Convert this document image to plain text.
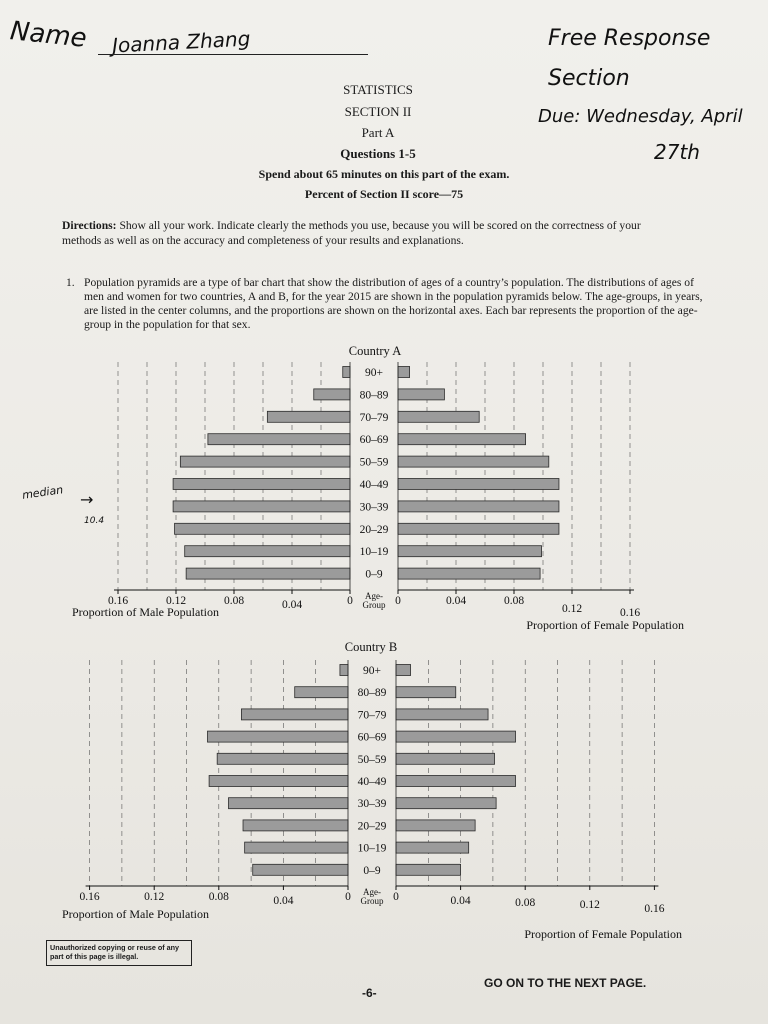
Name Joanna Zhang	Free Response
Section
Due: Wednesday, April
27th
STATISTICS
SECTION II
Part A
Questions 1-5
Spend about 65 minutes on this part of the exam.
Percent of Section II score—75
Directions: Show all your work. Indicate clearly the methods you use, because you will be scored on the correctness of your methods as well as on the accuracy and completeness of your results and explanations.
1. Population pyramids are a type of bar chart that show the distribution of ages of a country’s population. The distributions of ages of men and women for two countries, A and B, for the year 2015 are shown in the population pyramids below. The age-groups, in years, are listed in the center columns, and the proportions are shown on the horizontal axes. Each bar represents the proportion of the age-group in the population for that sex.
median →
10.4
Country A
90+
80–89
70–79
60–69
50–59
40–49
30–39
20–29
10–19
0–9
0.16	0.12	0.08	0.04	0	0	0.04	0.08
0.12	0.16
Age-
Group
Proportion of Male Population
Proportion of Female Population
Country B
90+
80–89
70–79
60–69
50–59
40–49
30–39
20–29
10–19
0–9
0.16	0.12	0.08	0.04	0	0	0.04	0.08	0.12	0.16
Age-
Group
Proportion of Male Population
Proportion of Female Population
Unauthorized copying or reuse of any part of this page is illegal.
GO ON TO THE NEXT PAGE.
-6-
